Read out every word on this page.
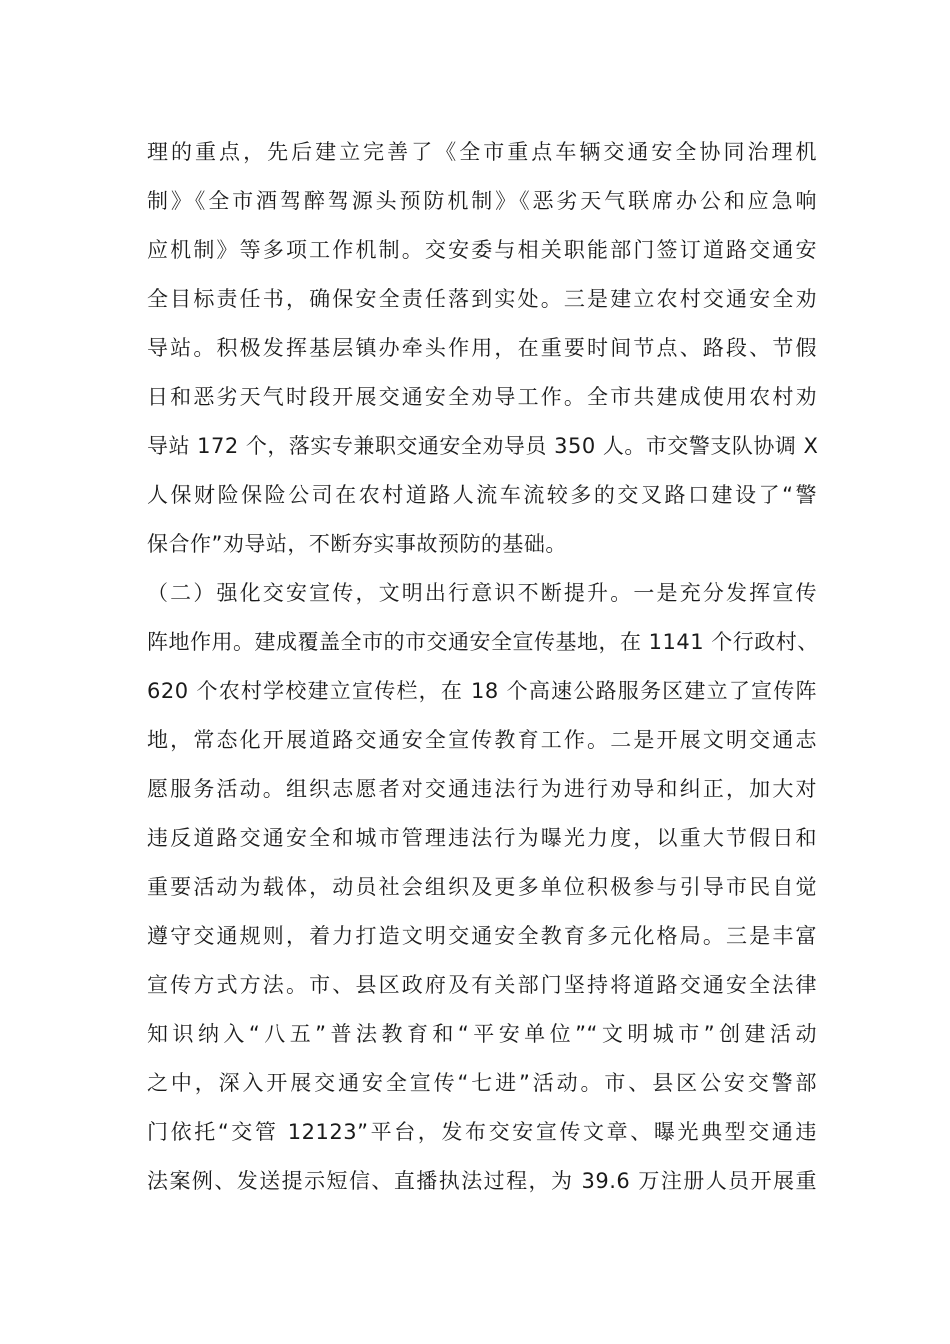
理的重点，先后建立完善了《全市重点车辆交通安全协同治理机
制》《全市酒驾醉驾源头预防机制》《恶劣天气联席办公和应急响
应机制》等多项工作机制。交安委与相关职能部门签订道路交通安
全目标责任书，确保安全责任落到实处。三是建立农村交通安全劝
导站。积极发挥基层镇办牵头作用，在重要时间节点、路段、节假
日和恶劣天气时段开展交通安全劝导工作。全市共建成使用农村劝
导站 172 个，落实专兼职交通安全劝导员 350 人。市交警支队协调 X
人保财险保险公司在农村道路人流车流较多的交叉路口建设了“警
保合作”劝导站，不断夯实事故预防的基础。
（二）强化交安宣传，文明出行意识不断提升。一是充分发挥宣传
阵地作用。建成覆盖全市的市交通安全宣传基地，在 1141 个行政村、
620 个农村学校建立宣传栏，在 18 个高速公路服务区建立了宣传阵
地，常态化开展道路交通安全宣传教育工作。二是开展文明交通志
愿服务活动。组织志愿者对交通违法行为进行劝导和纠正，加大对
违反道路交通安全和城市管理违法行为曝光力度，以重大节假日和
重要活动为载体，动员社会组织及更多单位积极参与引导市民自觉
遵守交通规则，着力打造文明交通安全教育多元化格局。三是丰富
宣传方式方法。市、县区政府及有关部门坚持将道路交通安全法律
知识纳入“八五”普法教育和“平安单位”“文明城市”创建活动
之中，深入开展交通安全宣传“七进”活动。市、县区公安交警部
门依托“交管 12123”平台，发布交安宣传文章、曝光典型交通违
法案例、发送提示短信、直播执法过程，为 39.6 万注册人员开展重
